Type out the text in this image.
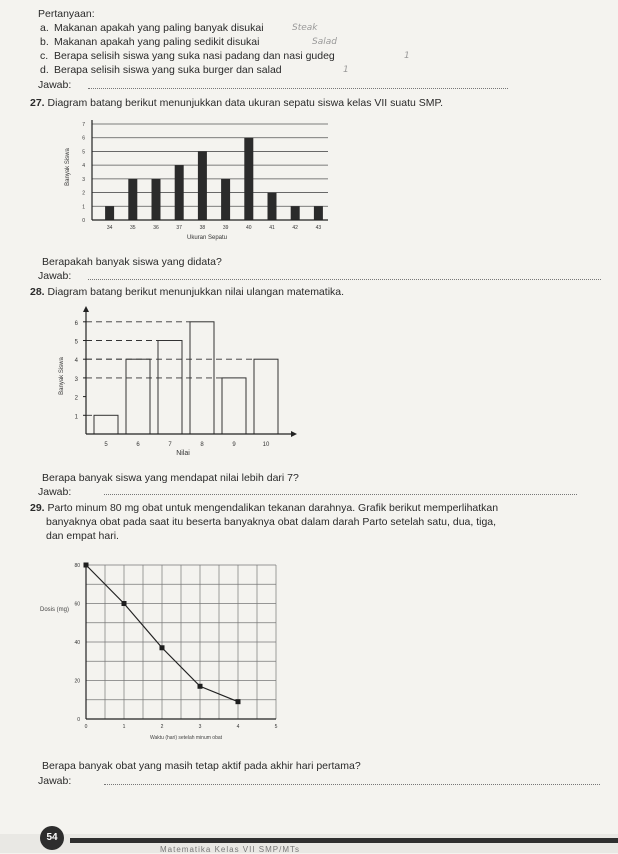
Pertanyaan:
a. Makanan apakah yang paling banyak disukai	Steak
b. Makanan apakah yang paling sedikit disukai	Salad
c. Berapa selisih siswa yang suka nasi padang dan nasi gudeg	1
d. Berapa selisih siswa yang suka burger dan salad	1
Jawab:
27. Diagram batang berikut menunjukkan data ukuran sepatu siswa kelas VII suatu SMP.
0
1
2
3
4
5
6
7
34	35	36	37	38	39	40	41	42	43
Ukuran Sepatu
Banyak Siswa
Berapakah banyak siswa yang didata?
Jawab:
28. Diagram batang berikut menunjukkan nilai ulangan matematika.
1
2
3
4
5
6
5	6	7	8	9	10
Nilai
Banyak Siswa
Berapa banyak siswa yang mendapat nilai lebih dari 7?
Jawab:
29. Parto minum 80 mg obat untuk mengendalikan tekanan darahnya. Grafik berikut memperlihatkan
banyaknya obat pada saat itu beserta banyaknya obat dalam darah Parto setelah satu, dua, tiga,
dan empat hari.
0
20
40
60
80
0	1	2	3	4	5
Waktu (hari) setelah minum obat
Dosis (mg)
Berapa banyak obat yang masih tetap aktif pada akhir hari pertama?
Jawab:
54
Matematika Kelas VII SMP/MTs
